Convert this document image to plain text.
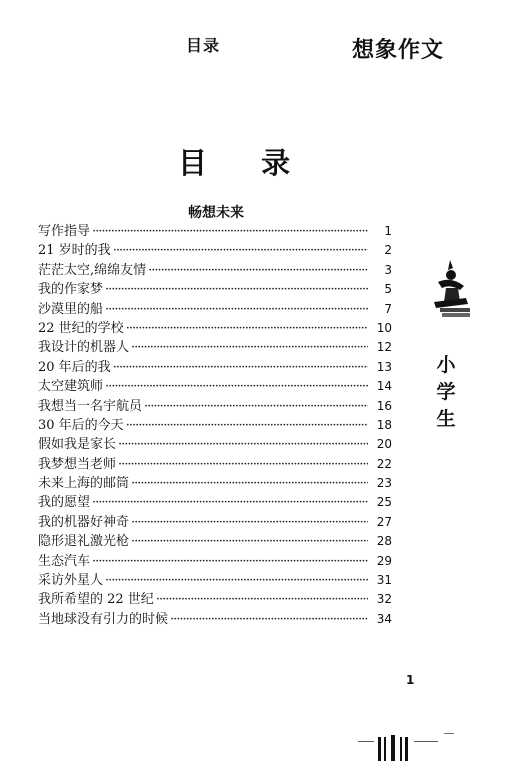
目录	想象作文
目 录
畅想未来
写作指导 ·····	1
21 岁时的我 ·····	2
茫茫太空,绵绵友情 ·····	3
我的作家梦 ·····	5
沙漠里的船 ·····	7
22 世纪的学校 ·····	10
我设计的机器人 ·····	12
20 年后的我 ·····	13
太空建筑师 ·····	14
我想当一名宇航员 ·····	16
30 年后的今天 ·····	18
假如我是家长 ·····	20
我梦想当老师 ·····	22
未来上海的邮筒 ·····	23
我的愿望 ·····	25
我的机器好神奇 ·····	27
隐形退礼激光枪 ·····	28
生态汽车 ·····	29
采访外星人 ·····	31
我所希望的 22 世纪 ·····	32
当地球没有引力的时候 ·····	34
小
学
生
1
